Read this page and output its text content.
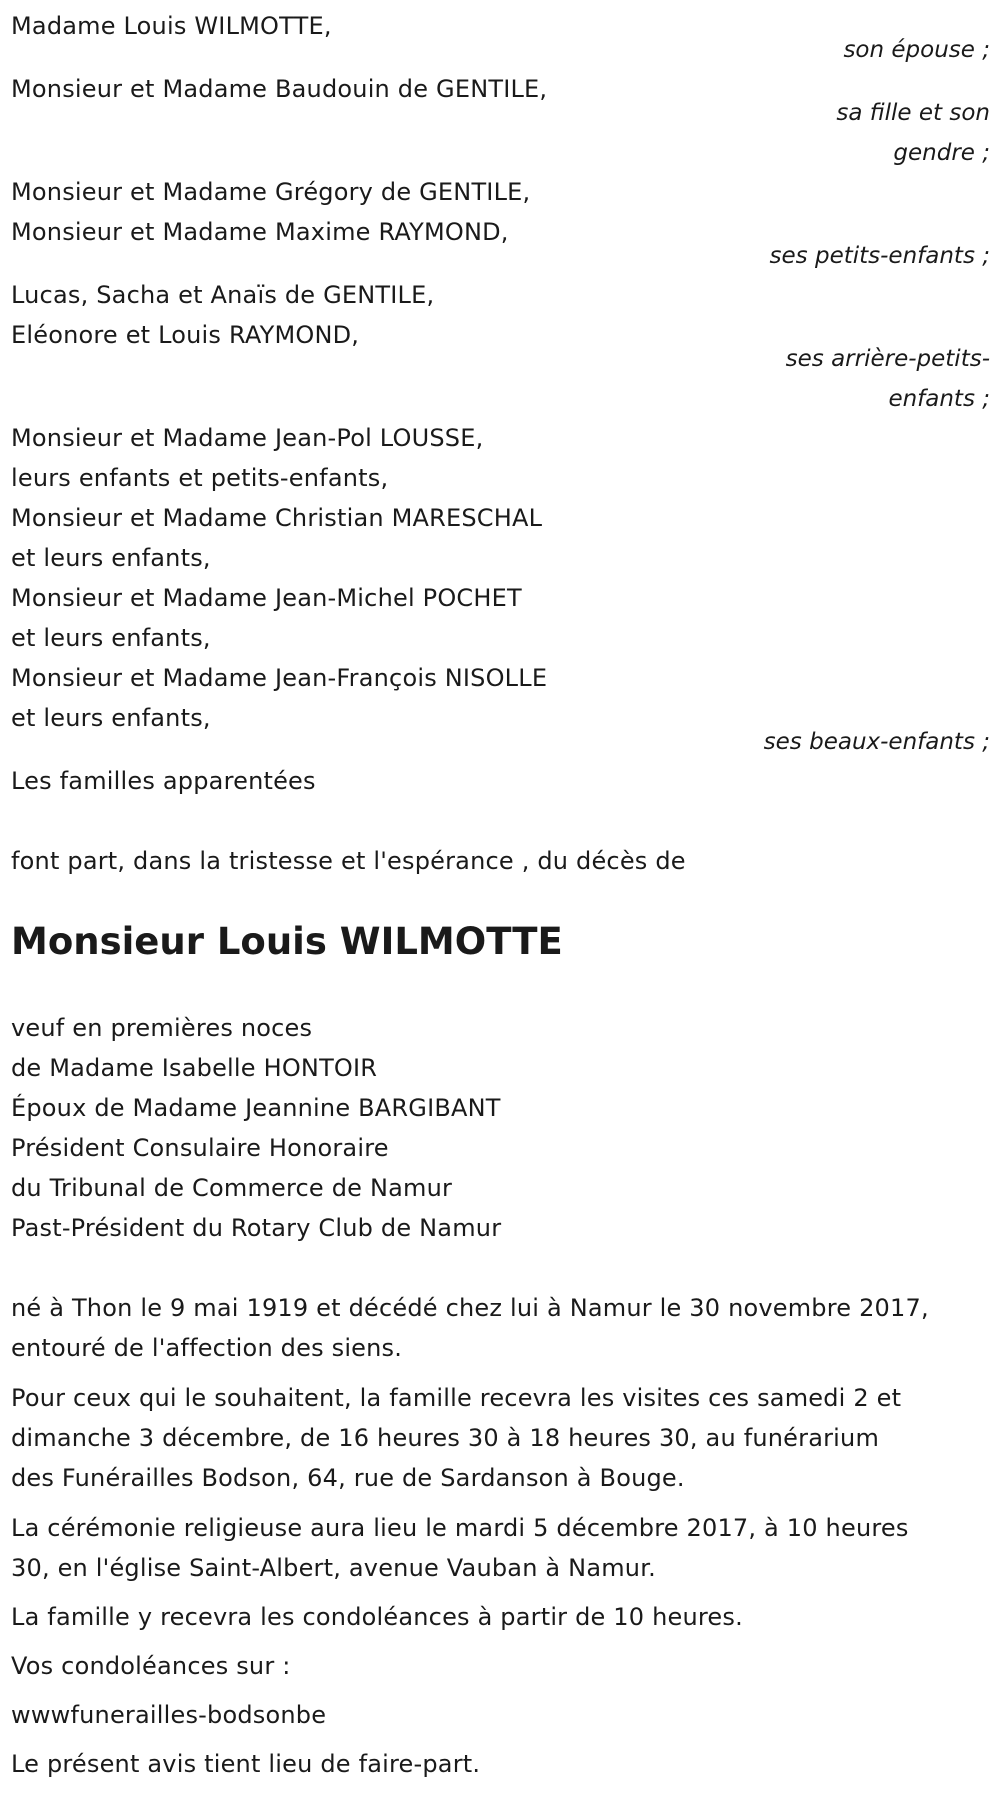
Madame Louis WILMOTTE,
son épouse ;
Monsieur et Madame Baudouin de GENTILE,
sa fille et son
gendre ;
Monsieur et Madame Grégory de GENTILE,
Monsieur et Madame Maxime RAYMOND,
ses petits-enfants ;
Lucas, Sacha et Anaïs de GENTILE,
Eléonore et Louis RAYMOND,
ses arrière-petits-
enfants ;
Monsieur et Madame Jean-Pol LOUSSE,
leurs enfants et petits-enfants,
Monsieur et Madame Christian MARESCHAL
et leurs enfants,
Monsieur et Madame Jean-Michel POCHET
et leurs enfants,
Monsieur et Madame Jean-François NISOLLE
et leurs enfants,
ses beaux-enfants ;
Les familles apparentées
font part, dans la tristesse et l'espérance , du décès de
Monsieur Louis WILMOTTE
veuf en premières noces
de Madame Isabelle HONTOIR
Époux de Madame Jeannine BARGIBANT
Président Consulaire Honoraire
du Tribunal de Commerce de Namur
Past-Président du Rotary Club de Namur
né à Thon le 9 mai 1919 et décédé chez lui à Namur le 30 novembre 2017,
entouré de l'affection des siens.
Pour ceux qui le souhaitent, la famille recevra les visites ces samedi 2 et
dimanche 3 décembre, de 16 heures 30 à 18 heures 30, au funérarium
des Funérailles Bodson, 64, rue de Sardanson à Bouge.
La cérémonie religieuse aura lieu le mardi 5 décembre 2017, à 10 heures
30, en l'église Saint-Albert, avenue Vauban à Namur.
La famille y recevra les condoléances à partir de 10 heures.
Vos condoléances sur :
wwwfunerailles-bodsonbe
Le présent avis tient lieu de faire-part.
